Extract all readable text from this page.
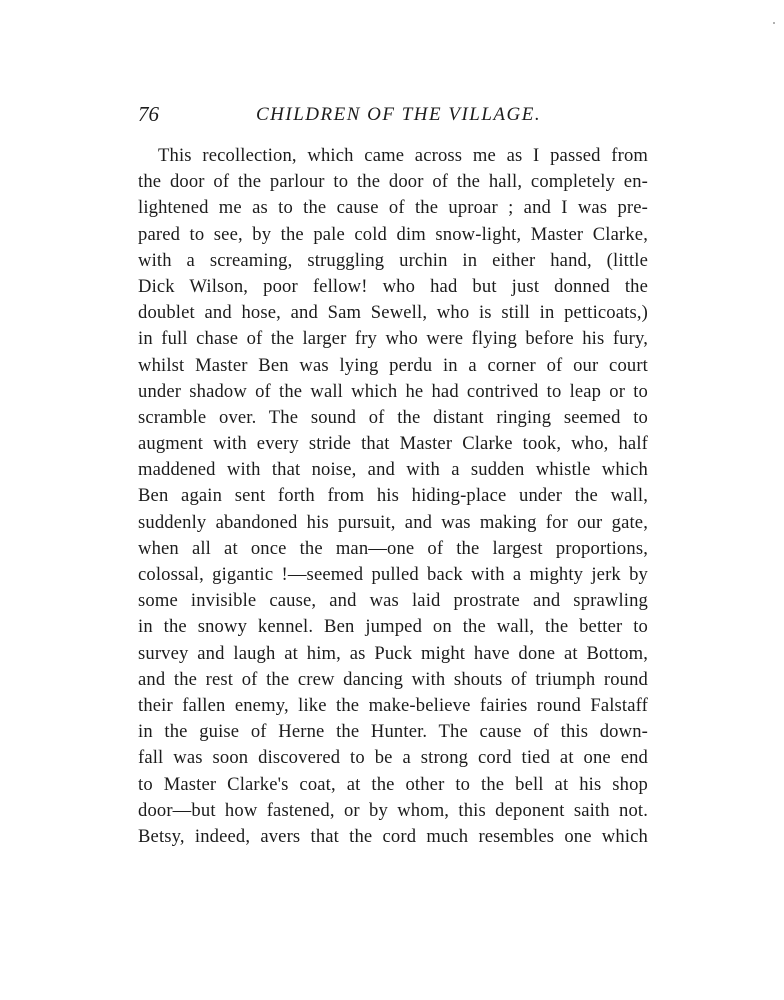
76	CHILDREN OF THE VILLAGE.
This recollection, which came across me as I passed from
the door of the parlour to the door of the hall, completely en-
lightened me as to the cause of the uproar ; and I was pre-
pared to see, by the pale cold dim snow-light, Master Clarke,
with a screaming, struggling urchin in either hand, (little
Dick Wilson, poor fellow! who had but just donned the
doublet and hose, and Sam Sewell, who is still in petticoats,)
in full chase of the larger fry who were flying before his fury,
whilst Master Ben was lying perdu in a corner of our court
under shadow of the wall which he had contrived to leap or to
scramble over. The sound of the distant ringing seemed to
augment with every stride that Master Clarke took, who, half
maddened with that noise, and with a sudden whistle which
Ben again sent forth from his hiding-place under the wall,
suddenly abandoned his pursuit, and was making for our gate,
when all at once the man—one of the largest proportions,
colossal, gigantic !—seemed pulled back with a mighty jerk by
some invisible cause, and was laid prostrate and sprawling
in the snowy kennel. Ben jumped on the wall, the better to
survey and laugh at him, as Puck might have done at Bottom,
and the rest of the crew dancing with shouts of triumph round
their fallen enemy, like the make-believe fairies round Falstaff
in the guise of Herne the Hunter. The cause of this down-
fall was soon discovered to be a strong cord tied at one end
to Master Clarke's coat, at the other to the bell at his shop
door—but how fastened, or by whom, this deponent saith not.
Betsy, indeed, avers that the cord much resembles one which
